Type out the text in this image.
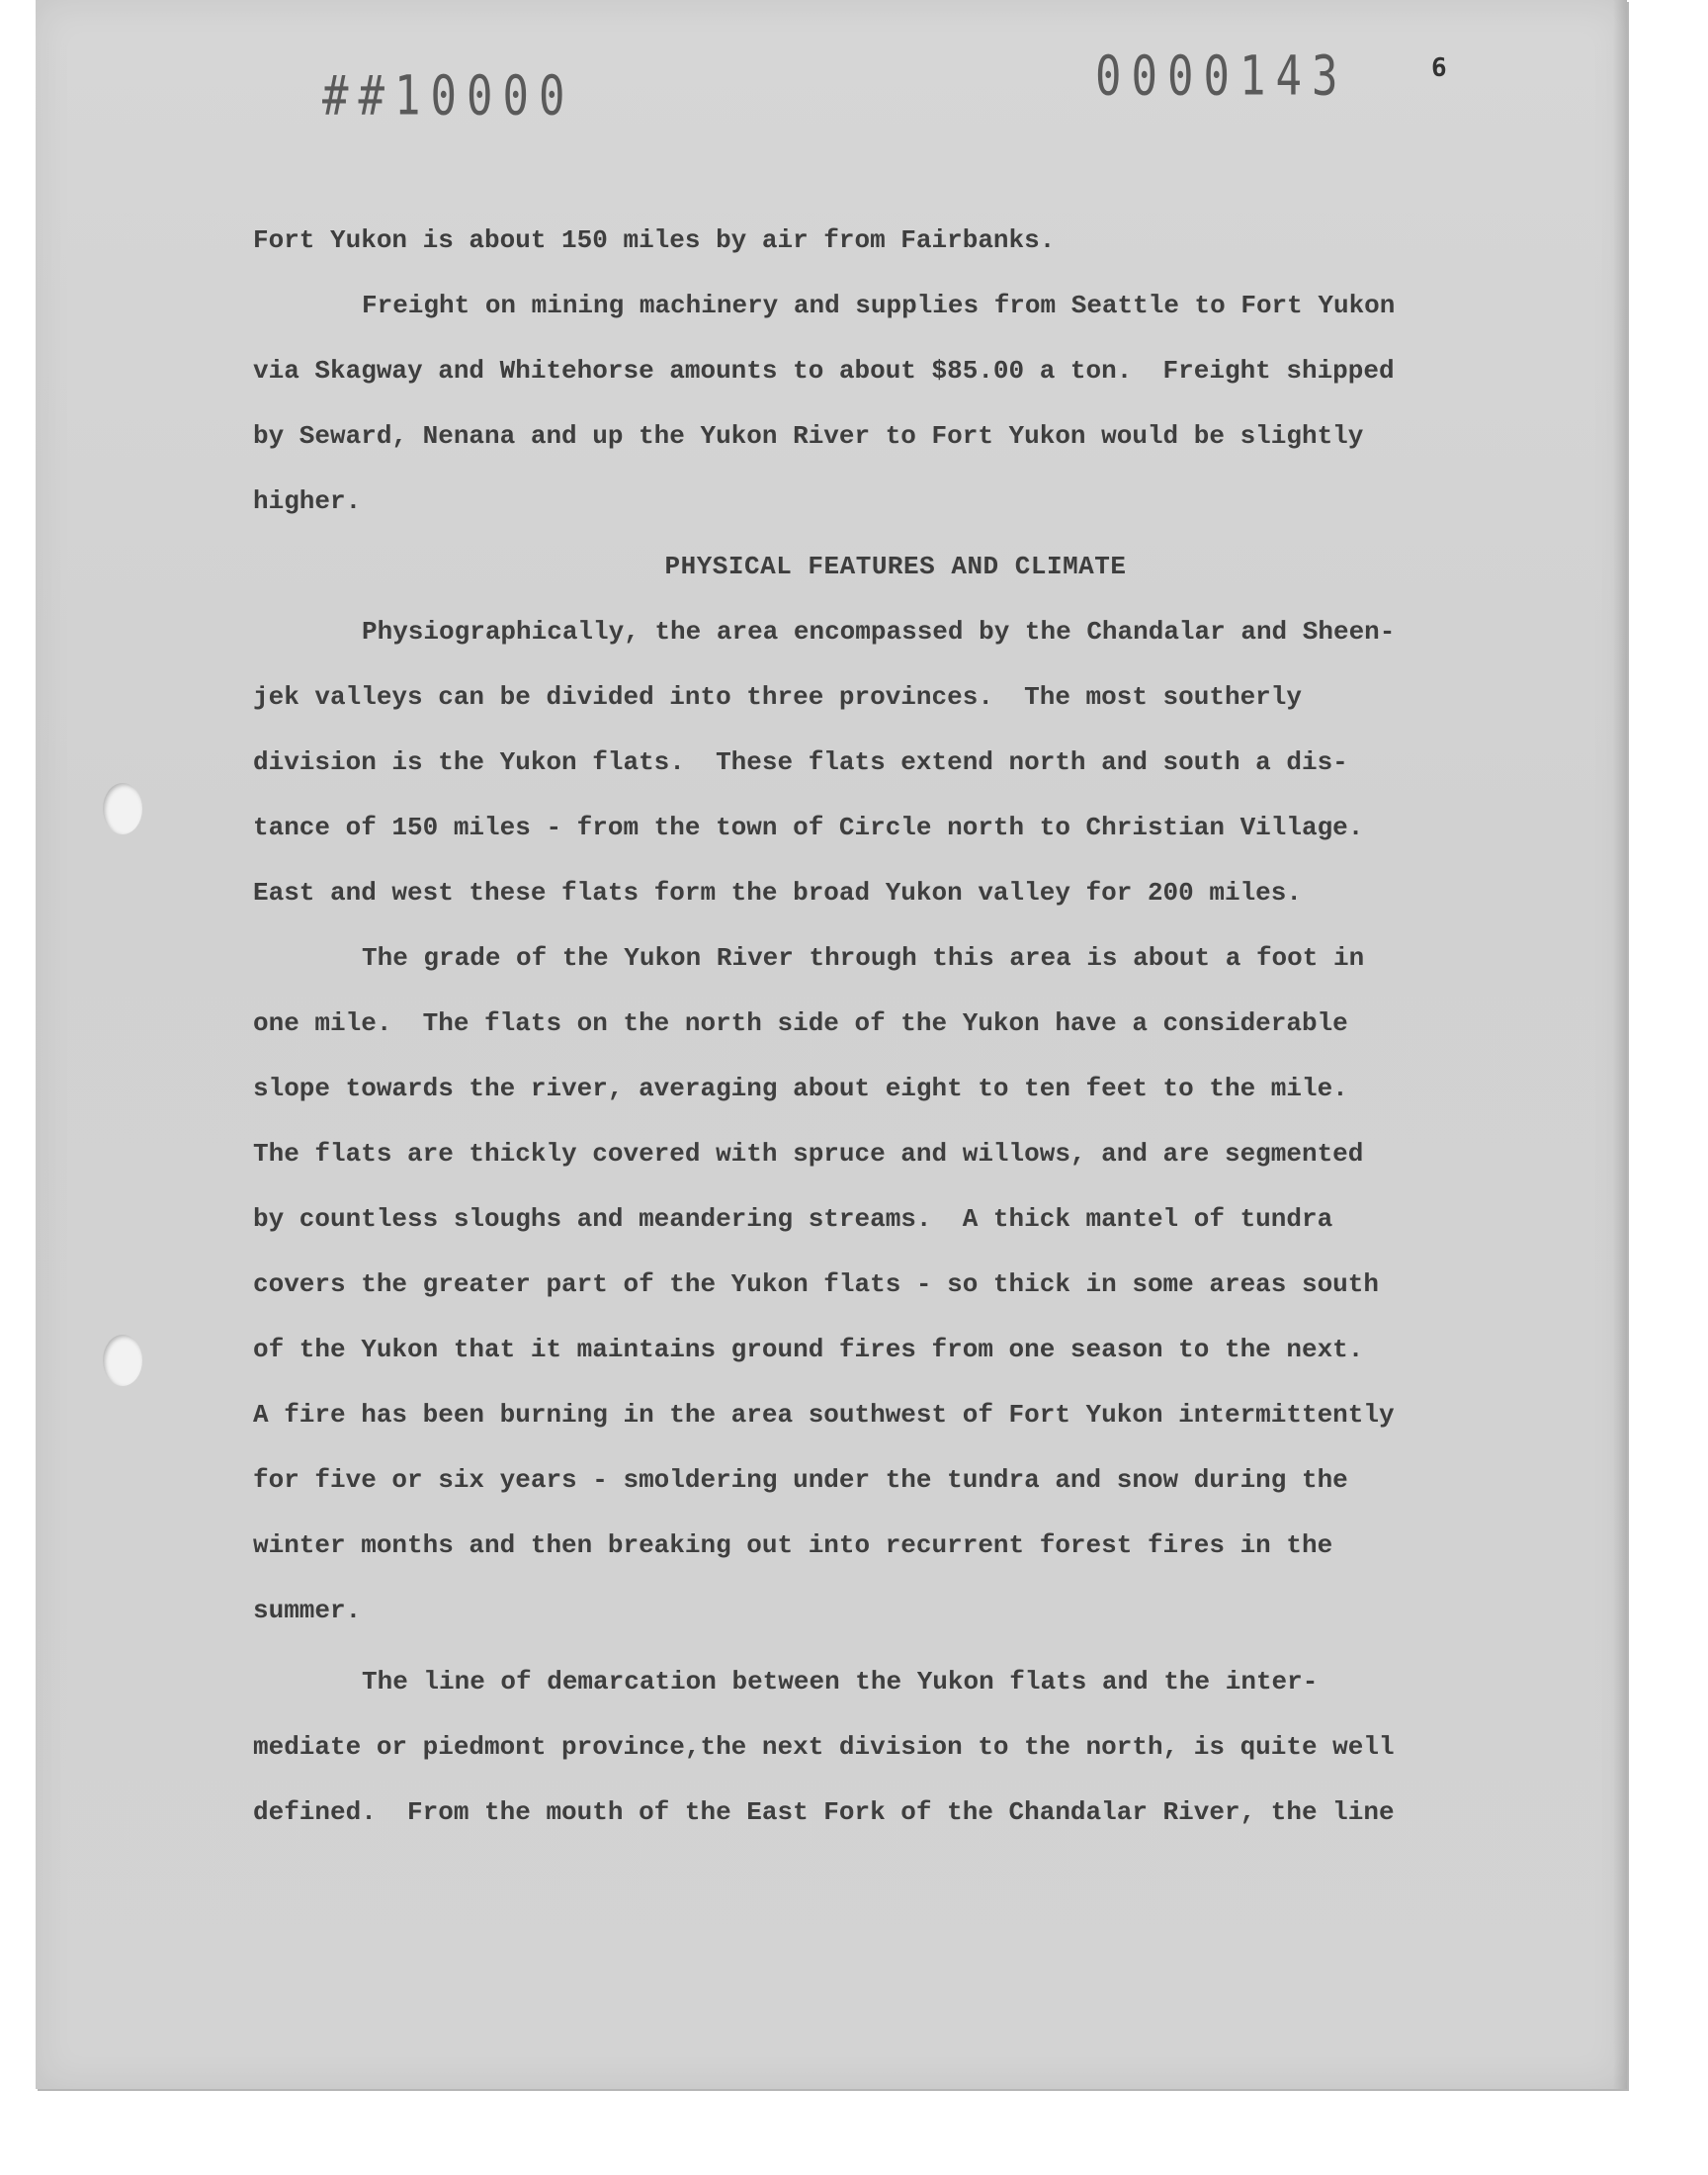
##10000	0000143	6

Fort Yukon is about 150 miles by air from Fairbanks.

Freight on mining machinery and supplies from Seattle to Fort Yukon

via Skagway and Whitehorse amounts to about $85.00 a ton.  Freight shipped

by Seward, Nenana and up the Yukon River to Fort Yukon would be slightly

higher.

PHYSICAL FEATURES AND CLIMATE

Physiographically, the area encompassed by the Chandalar and Sheen-

jek valleys can be divided into three provinces.  The most southerly

division is the Yukon flats.  These flats extend north and south a dis-

tance of 150 miles - from the town of Circle north to Christian Village.

East and west these flats form the broad Yukon valley for 200 miles.

The grade of the Yukon River through this area is about a foot in

one mile.  The flats on the north side of the Yukon have a considerable

slope towards the river, averaging about eight to ten feet to the mile.

The flats are thickly covered with spruce and willows, and are segmented

by countless sloughs and meandering streams.  A thick mantel of tundra

covers the greater part of the Yukon flats - so thick in some areas south

of the Yukon that it maintains ground fires from one season to the next.

A fire has been burning in the area southwest of Fort Yukon intermittently

for five or six years - smoldering under the tundra and snow during the

winter months and then breaking out into recurrent forest fires in the

summer.

The line of demarcation between the Yukon flats and the inter-

mediate or piedmont province,the next division to the north, is quite well

defined.  From the mouth of the East Fork of the Chandalar River, the line
